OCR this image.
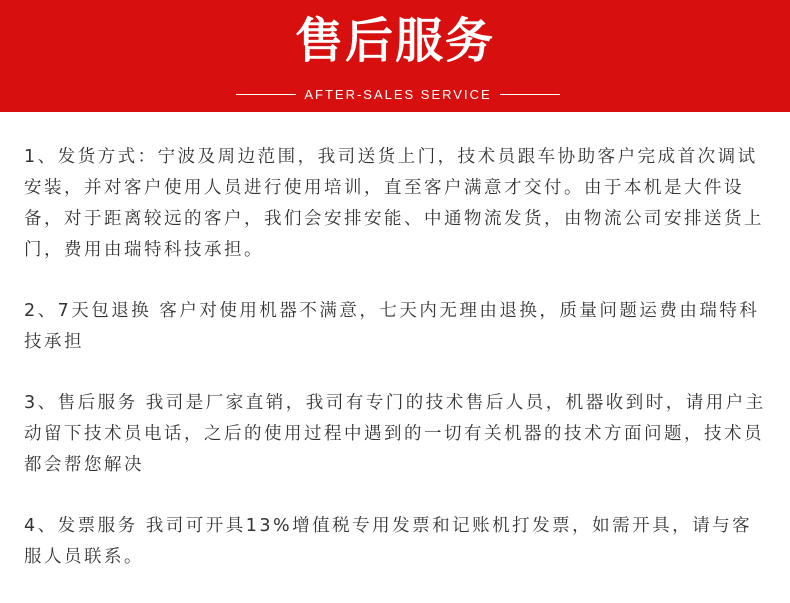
售后服务
AFTER-SALES SERVICE

1、发货方式：宁波及周边范围，我司送货上门，技术员跟车协助客户完成首次调试安装，并对客户使用人员进行使用培训，直至客户满意才交付。由于本机是大件设备，对于距离较远的客户，我们会安排安能、中通物流发货，由物流公司安排送货上门，费用由瑞特科技承担。

2、7天包退换 客户对使用机器不满意，七天内无理由退换，质量问题运费由瑞特科技承担

3、售后服务 我司是厂家直销，我司有专门的技术售后人员，机器收到时，请用户主动留下技术员电话，之后的使用过程中遇到的一切有关机器的技术方面问题，技术员都会帮您解决

4、发票服务 我司可开具13%增值税专用发票和记账机打发票，如需开具，请与客服人员联系。
